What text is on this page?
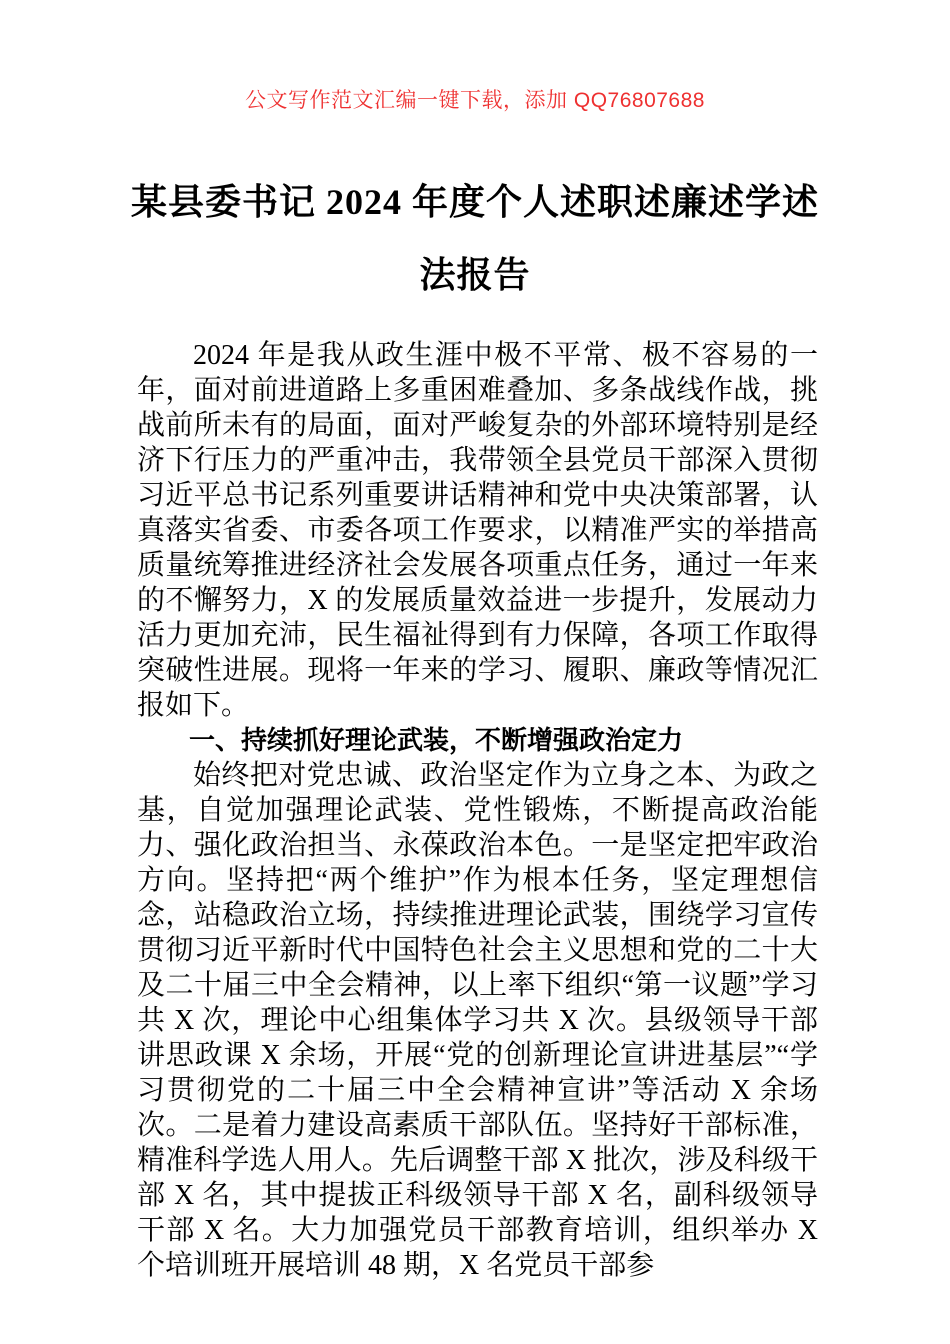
公文写作范文汇编一键下载，添加 QQ76807688
某县委书记 2024 年度个人述职述廉述学述
法报告

2024 年是我从政生涯中极不平常、极不容易的一年，面对前进道路上多重困难叠加、多条战线作战，挑战前所未有的局面，面对严峻复杂的外部环境特别是经济下行压力的严重冲击，我带领全县党员干部深入贯彻习近平总书记系列重要讲话精神和党中央决策部署，认真落实省委、市委各项工作要求，以精准严实的举措高质量统筹推进经济社会发展各项重点任务，通过一年来的不懈努力，X 的发展质量效益进一步提升，发展动力活力更加充沛，民生福祉得到有力保障，各项工作取得突破性进展。现将一年来的学习、履职、廉政等情况汇报如下。

一、持续抓好理论武装，不断增强政治定力

始终把对党忠诚、政治坚定作为立身之本、为政之基，自觉加强理论武装、党性锻炼，不断提高政治能力、强化政治担当、永葆政治本色。一是坚定把牢政治方向。坚持把“两个维护”作为根本任务，坚定理想信念，站稳政治立场，持续推进理论武装，围绕学习宣传贯彻习近平新时代中国特色社会主义思想和党的二十大及二十届三中全会精神，以上率下组织“第一议题”学习共 X 次，理论中心组集体学习共 X 次。县级领导干部讲思政课 X 余场，开展“党的创新理论宣讲进基层”“学习贯彻党的二十届三中全会精神宣讲”等活动 X 余场次。二是着力建设高素质干部队伍。坚持好干部标准，精准科学选人用人。先后调整干部 X 批次，涉及科级干部 X 名，其中提拔正科级领导干部 X 名，副科级领导干部 X 名。大力加强党员干部教育培训，组织举办 X 个培训班开展培训 48 期，X 名党员干部参
